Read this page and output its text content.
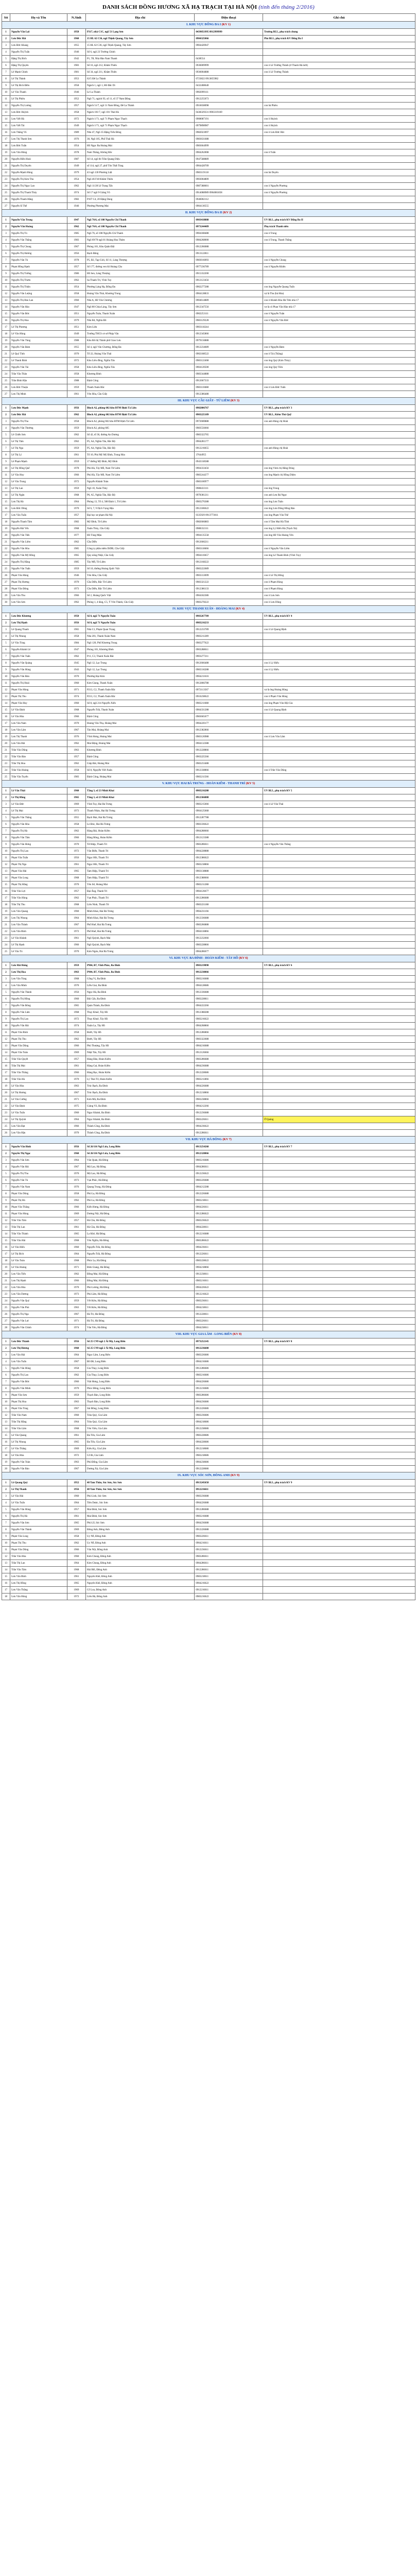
DANH SÁCH ĐỒNG HƯƠNG XÃ HẠ TRẠCH TẠI HÀ NỘI (tính đến tháng 2/2016)
Stt	Họ và Tên	N.Sinh	Địa chỉ	Điện thoại	Ghi chú
I. KHU VỰC ĐỐNG ĐA I (KV 1)					
1	Nguyễn Văn Lợi	1958	P317, nhà C1C, ngõ 51 Lạng Sơn	0439051995 0912999999	Trưởng BLL, phụ trách chung
2	Lưu Đức Hải	1960	15 HL 62 C36, ngõ Thịnh Quang, Tây Sơn	0904325066	Phó BLL, phụ trách KV Đống Đa I
3	Lưu Đức Khang	1955	15 HL 62 C36, ngõ Thịnh Quang, Tây Sơn	0904420947	
4	Nguyễn Thị Tuấn	1946	Số 6, ngõ 23 Trường Chinh		
5	Đặng Thị Bích	1942	P1, T8, Nhà Hào Nam Thanh	0438554	
6	Đặng Thị Quyên	1983	Số 16, ngõ 212, Khâm Thiên	0936009999	con ô Lê Trường Thành (ở Thanh Hà mới)
7	Lê Mạnh Chinh	1981	Số 34, ngõ 211, Khâm Thiên	0936004888	con ô Lê Trường Thành
8	Lê Thị Thành	1953	62/5 Đê La Thành	0723822 0913855982	
9	Lê Thị Bích Điền	1958	Ngách 1, ngõ 1, Hồ Đắc Di	0432408640	
10	Lê Văn Thanh	1946	Lê La Thành	0902099111	
11	Lê Thị Phiêu	1952	Ngõ 71, ngách 93, số 11, tổ 37 Nam Đồng	0912255073	
12	Nguyễn Thị Lương	1957	Ngách 51/7, ngõ 51 Nam Đồng, Đê La Thành	0916038098	con bà Phiêu
13	Lưu Đức Huỳnh	1958	Ngách 101/7, ngõ 101 Thái Hà	0438329331 0903319169	
14	Lưu Viết Hà	1972	Ngách 1/71, ngõ 71 Phạm Ngọc Thạch	0908087191	con ô Huỳnh
15	Lưu Viết Tài	1949	Ngách 1/71, ngõ 71 Phạm Ngọc Thạch	0979898987	con ô Huỳnh
16	Lưu Thắng Vũ	1989	Nhà 47, Ngõ 35 Đặng Tiến Đông	0982023097	con ô Lưu Đức Hải
17	Lưu Thị Thanh Sơn	1976	38, Ngõ 105, Phố Thái Hà	0983631688	
18	Lưu Đức Tuấn	1954	Hồ Ngọc Ba Hoàng Mai	0983664999	
19	Lưu Văn Hùng	1978	Nam Thăng, Không Bắc	0904262008	con ô Tuấn
20	Nguyễn Hiền Hoài	1987	Số 14, ngõ 84 Trần Quang Diệu	0947588889	
21	Nguyễn Thị Duyên	1949	số 114, ngõ 27, phố Tôn Thất Tùng	0904428709	
22	Nguyễn Mạnh Hùng	1979	43 ngõ 130 Phương Liệt	0983119118	con bà Duyên
23	Nguyễn Thị Kim Thu	1954	Ngõ 46 F18 Khâm Thiên	0903004809	
24	Nguyễn Thị Ngọc Lan	1962	Ngõ 11/28 Lê Trọng Tấn	0987388601	con ô Nguyễn Phương
25	Nguyễn Thị Thanh Thủy	1974	Số 17 ngõ 9 Giảng Võ	0914088989 0904081858	con ô Nguyễn Phương
26	Nguyễn Thanh Hằng	1982	P107 C4, 20 Đặng Dung	0946002112	
27	Nguyễn Sĩ Thể	1946	Phường Phương Mai	0904130555	
II. KHU VỰC ĐỐNG ĐA II (KV 2)					
1	Nguyễn Văn Trung	1947	Ngõ 76/6, số 108 Nguyễn Chí Thanh	0903418888	UV BLL, phụ trách KV Đống Đa II
2	Nguyễn Văn Hoàng	1962	Ngõ 76/6, số 108 Nguyễn Chí Thanh	0973244489	Phụ trách Thanh niên
3	Nguyễn Thị Tú	1985	Ngõ 76, số 108 Nguyễn Chí Thanh	0904188488	con ô Trung
4	Nguyễn Văn Thắng	1983	Ngõ 69/70 ngõ 81 Hoàng Hoa Thám	0984268000	con ô Trung, Thanh Thắng
5	Nguyễn Thị Chung	1967	Phòng 101, Khu Quân Đội	0912266088	
6	Nguyễn Thị Hương	1956	Bạch Đằng	0913122811	
7	Nguyễn Văn Tú	1978	P5, B2, Tạp Giỏi, Số 11, Láng Thượng	0983016093	con ô Nguyễn Chung
8	Phạm Hồng Hạnh	1957	Số 177, đường ven hồ Hoàng Cầu	0977236789	con ô Nguyễn Khiên
9	Nguyễn Thị Tường	1986	Hồ Sen, Láng Thượng	0915332200	
10	Nguyễn Thị Thơm	1962	Sa Thanh Trì, Vĩnh Tuy	0912123456	
11	Nguyễn Thị Thiện	1954	Phường Láng Hạ, Đống Đa	0902277288	con ông Nguyễn Quang Tuấn
12	Nguyễn Văn Lượng	1958	Hoàng Văn Thái, Khương Trung	0904128833	vợ là Thu (bà Hòa)
13	Nguyễn Thị Bảo Lan	1960	Nhà A, Hồ Văn Chương	0904614889	con ô Khánh Hòa Hà Tiên nhà 17
14	Nguyễn Văn Hào	1947	Ngõ 80 Chùa Láng, Tây Sơn	0912347556	vợ là cô Phan Văn Hào nhà 17
15	Nguyễn Văn Đức	1951	Nguyễn Tuân, Thanh Xuân	0902253111	con ô Nguyễn Tuân
16	Nguyễn Thị Hoa	1979	Nhà B4, Nghĩa Đô	0983129228	con ô Nguyễn Văn Đức
17	Lê Thị Phương	1951	Kim Liên	0903118244	
18	Lê Văn Hùng	1949	Trường THCS cơ sở Pháp Vân	0912345866	
19	Nguyễn Văn Tùng	1988	Khu Đô thị Thành phố Giao Lưu	0979156888	
20	Nguyễn Văn Đàm	1955	Số 4, ngõ Vân Chương, Đống Đa	0912234689	con ô Nguyễn Đàm
21	Lê Quý Tính	1970	Tổ 22, Hoàng Văn Thái	0902188522	con ô Tài (Thắng)
22	Lê Thanh Bình	1972	Khu Liên đồng, Nghĩa Tân	0983122468	con ông Quý (Kim Thủy)
23	Nguyễn Văn Tài	1958	Khu Liên đồng, Nghĩa Tân	0904120500	con ông Quý Tiên
24	Trần Văn Thân	1958	Khương Đình	0983344888	
25	Trần Đình Hậu	1988	Định Công	0912667333	
26	Lưu Đức Thuận	1959	Thanh Xuân Bắc	0983116688	con ô Lưu Đức Tuấn
27	Lưu Thị Minh	1961	Yên Hòa, Cầu Giấy	0912386488	
III. KHU VỰC CẦU GIẤY - TỪ LIÊM (KV 3)					
1	Lưu Đức Mạnh	1956	Block A2, phòng 602 khu BTM Định Tả Liên	0982806767	UV BLL, phụ trách KV 3
2	Lưu Đức Hải	1962	Block A2, phòng 602 khu BTM Định Tả Liên	0903225189	UV BLL, Kiêm Thủ Quỹ
3	Nguyễn Thị Thu	1958	Block A2, phòng 602 khu BTM Định Tả Liên	0972600888	con anh Hùng chị Hoài
4	Nguyễn Văn Thường	1959	Block A2, phòng 605	0983556666	
5	Lê Chiến Sơn	1962	Số 42, tổ 36, đường An Dương	0983322765	
6	Lê Thị Tâm	1962	P5, A4, Nghĩa Tân, Bắc Độ	0904281177	
7	Lê Thị Nga	1959	P5, A4, Nghĩa Tân, Bắc Độ	0912216655	con anh Hùng chị Hoài
8	Lê Thị Lý	1961	Tổ 10, Phú Mỹ Mỹ Đình, Trung Hòa	37644955	
9	Lê Phạm Mạnh	1959	17 đường Mỹ Đình, Mỹ Đình	0943318588	
10	Lê Thị Hồng Quế	1978	Phú Hà, Tây Mỗ, Nam Từ Liêm	0904333456	con ông Vinh chị Hằng Dòng
11	Lê Văn Huy	1966	Phú Hà, Tây Mỗ, Nam Từ Liêm	0983244277	con ông Mạnh chị Hồng Diệm
12	Lê Văn Trung	1972	Nguyễn Khánh Toàn	0983100977	
13	Lê Thị Lan	1959	Ngõ 10, Xuân Thủy	0988433111	con ông Trung
14	Lê Thị Ngân	1968	P6, A5, Nghĩa Tân, Bắc Độ	0978381211	con anh Lưu Bá Ngọc
15	Lưu Thị Hà	1964	Phòng 13, Tổ 4, 508 Định 1, Từ Liêm	0983276388	con ông Lưu Tuân
16	Lưu Đức Dũng	1970	Số 6, 7, 9 Dịch Vọng Hậu	0912186622	con ông Lưu Dũng Hồng Bảo
17	Lưu Văn Tuấn	1957	Đại học sư phạm Hà Nội	0335929 0913773011	con ông Phạm Văn Thế
18	Nguyễn Thanh Tâm	1982	Mỹ Đình, Từ Liêm	0982666883	con ô Tâm Mai Hà Tĩnh
19	Nguyễn Hải Yến	1968	Xuân Thủy, Cầu Giấy	0988332111	con ông Lý Hiến Hà (Trạch Xá)
20	Nguyễn Văn Tiến	1977	Hồ Tùng Mậu	0904135558	con ông Hồ Văn Hoàng Yên
21	Nguyễn Văn Liêm	1962	Cầu Diễn	0912666211	
22	Nguyễn Văn Hòa	1985	Công ty phần mềm DiDB, Cầu Giấy	0983118666	con ô Nguyễn Văn Liêm
23	Nguyễn Văn Mỹ Hồng	1965	Quy nông Nhật, Cầu Giấy	0904116657	con ông Lê Thanh Bình (Vĩnh Tuy)
24	Nguyễn Thị Hằng	1985	Tây Mỗ, Từ Liêm	0912168222	
25	Nguyễn Văn Tuấn	1959	Số 10, đường Hoàng Quốc Việt	0983222689	
26	Phạm Văn Hùng	1946	Yên Hòa, Cầu Giấy	0903313699	con ô Lê Thị Hồng
27	Phạm Thị Hương	1970	Cầu Diễn, Bắc Từ Liêm	0983321222	con ô Phạm Hùng
28	Phạm Văn Đông	1973	Cầu Diễn, Bắc Từ Liêm	0912386133	con ô Phạm Hùng
29	Lưu Văn Thu	1966	Số 2, Hoàng Quốc Việt	0904182386	con ô Lưu Sơn
30	Lưu Văn Sơn	1962	Phòng 1, 4 tầng, C5, Ý Yên Thành, Cầu Giấy	0983278222	con ô Lưu Dũng
IV. KHU VỰC THANH XUÂN - HOÀNG MAI (KV 4)					
1	Lưu Đức Khương	1950	Số 8, ngõ 71 Nguyễn Tuân	0903267789	UV BLL, phụ trách KV 4
2	Lưu Thị Hạnh	1956	Số 8, ngõ 71 Nguyễn Tuân	0983216233	
3	Lê Quang Thanh	1965	Nhà C1, Phạm Quan Trọng	0912233789	con ô Lê Quang Định
4	Lê Thị Nhung	1958	Nhà 201, Thanh Xuân Nam	0983211289	
5	Lê Văn Tùng	1984	Ngõ 120, Phố Khương Trung	0983277622	
6	Nguyễn Khánh Lê	1947	Phòng 101, Khương Đình	0903288611	
7	Nguyễn Văn Tuấn	1962	P11, C3, Thanh Xuân Bắc	0903277211	
8	Nguyễn Văn Quảng	1945	Ngõ 12, Lạc Trung	0912666488	con ô Lý Hiếu
9	Nguyễn Văn Hùng	1943	Ngõ 12, Lạc Trung	0983316288	con ô Lý Hiếu
10	Nguyễn Văn Đàn	1970	Phường Đại Kim	0904211616	
11	Nguyễn Thị Hoài	1960	Kim Giang, Thanh Xuân	0912866788	
12	Phạm Văn Hùng	1971	P213, C2, Thanh Xuân Bắc	0972113567	vợ là ông Hoàng Hùng
13	Phạm Thị Thu	1974	P213, C2, Thanh Xuân Bắc	0916238622	con ô Phạm Văn Hùng
14	Phạm Văn Huy	1960	Số 8, ngõ 214 Nguyễn Xiển	0983211688	con ông Phạm Vân Hội Gia
15	Lê Văn Định	1968	Nguyễn Trãi, Thanh Xuân	0904331288	con ô Lê Quang Định
16	Lê Văn Hòa	1966	Định Công	0983665677	
17	Lưu Văn Nam	1970	Hoàng Văn Thụ, Hoàng Mai	0904220177	
18	Lưu Văn Lâm	1967	Tân Mai, Hoàng Mai	0912382866	
19	Lưu Thị Thanh	1976	Vĩnh Hưng, Hoàng Mai	0983126988	con ô Lưu Văn Lâm
20	Lưu Văn Hải	1962	Mai Động, Hoàng Mai	0904132388	
21	Trần Văn Dũng	1963	Khương Đình	0912228866	
22	Trần Văn Bảo	1957	Định Công	0903225566	
23	Trần Thị Hoa	1962	Giáp Bát, Hoàng Mai	0983233488	
24	Trần Văn Hoàng	1958	Số 8, Nguyễn Viết Xuân	0912338866	con ô Trần Văn Dũng
25	Trần Văn Tuyển	1983	Định Công, Hoàng Mai	0983211566	
V. KHU VỰC HAI BÀ TRƯNG - HOÀN KIẾM - THANH TRÌ (KV 5)					
1	Lê Văn Thái	1960	Tầng 3, số 23 Minh Khai	0903216288	UV BLL, phụ trách KV 5
2	Lê Thị Hồng	1965	Tầng 3, số 23 Minh Khai	0912366888	
3	Lê Văn Đức	1969	Vĩnh Tuy, Hai Bà Trưng	0983215666	con ô Lê Văn Thái
4	Lê Thị Mai	1973	Thanh Nhàn, Hai Bà Trưng	0904125668	
5	Nguyễn Văn Thắng	1955	Bạch Mai, Hai Bà Trưng	0912287788	
6	Nguyễn Văn Hòa	1958	Lò Đúc, Hai Bà Trưng	0983336622	
7	Nguyễn Thị Hà	1962	Hàng Bài, Hoàn Kiếm	0904288666	
8	Nguyễn Văn Tâm	1966	Hàng Bông, Hoàn Kiếm	0912123388	
9	Nguyễn Văn Hưng	1970	Tứ Hiệp, Thanh Trì	0983286611	con ô Nguyễn Văn Thắng
10	Nguyễn Thị Lan	1972	Văn Điển, Thanh Trì	0904228888	
11	Phạm Văn Tuấn	1956	Ngọc Hồi, Thanh Trì	0912386622	
12	Phạm Thị Nga	1961	Ngọc Hồi, Thanh Trì	0983218866	
13	Phạm Văn Hải	1965	Tam Hiệp, Thanh Trì	0903138888	
14	Phạm Văn Long	1968	Tam Hiệp, Thanh Trì	0912388666	
15	Phạm Thị Hằng	1970	Yên Sở, Hoàng Mai	0983211288	
16	Trần Văn Lợi	1957	Đại Áng, Thanh Trì	0904126677	
17	Trần Văn Hùng	1962	Vạn Phúc, Thanh Trì	0912286688	
18	Trần Thị Thu	1968	Liên Ninh, Thanh Trì	0983221188	
19	Lưu Văn Quang	1960	Minh Khai, Hai Bà Trưng	0904231166	
20	Lưu Thị Nhung	1964	Minh Khai, Hai Bà Trưng	0912336688	
21	Lưu Văn Thành	1967	Phố Huế, Hai Bà Trưng	0983266888	
22	Lưu Văn Bình	1972	Phố Huế, Hai Bà Trưng	0904118866	
23	Lê Văn Khánh	1961	Ngõ Quỳnh, Bạch Mai	0912232666	
24	Lê Thị Hạnh	1966	Ngõ Quỳnh, Bạch Mai	0983228866	
25	Lê Văn Tú	1970	Kim Ngưu, Hai Bà Trưng	0904286677	
VI. KHU VỰC BA ĐÌNH - HOÀN KIẾM - TÂY HỒ (KV 6)					
1	Lưu Hải Hưng	1959	P904, B7, Vĩnh Phúc, Ba Đình	0903219898	UV BLL, phụ trách KV 6
2	Lưu Thị Hoa	1963	P904, B7, Vĩnh Phúc, Ba Đình	0912238866	
3	Lưu Văn Tùng	1968	Cống Vị, Ba Đình	0983216688	
4	Lưu Văn Minh	1970	Liễu Giai, Ba Đình	0904128686	
5	Nguyễn Văn Thành	1956	Ngọc Hà, Ba Đình	0912336688	
6	Nguyễn Thị Hồng	1960	Đội Cấn, Ba Đình	0983228811	
7	Nguyễn Văn Đông	1965	Quán Thánh, Ba Đình	0904222266	
8	Nguyễn Văn Lâm	1968	Thụy Khuê, Tây Hồ	0912388288	
9	Nguyễn Thị Lan	1972	Thụy Khuê, Tây Hồ	0983216622	
10	Nguyễn Văn Hải	1974	Xuân La, Tây Hồ	0904268866	
11	Phạm Văn Bình	1958	Bưởi, Tây Hồ	0912286866	
12	Phạm Thị Thu	1962	Bưởi, Tây Hồ	0983322688	
13	Phạm Văn Dũng	1966	Phú Thượng, Tây Hồ	0904216688	
14	Phạm Văn Toàn	1969	Nhật Tân, Tây Hồ	0912126666	
15	Trần Văn Quyết	1957	Hàng Đào, Hoàn Kiếm	0983286688	
16	Trần Thị Mai	1961	Hàng Gai, Hoàn Kiếm	0904236688	
17	Trần Văn Thắng	1966	Hàng Bạc, Hoàn Kiếm	0912228686	
18	Trần Văn Hà	1970	Lý Thái Tổ, Hoàn Kiếm	0983211866	
19	Lê Văn Hòa	1963	Trúc Bạch, Ba Đình	0904226688	
20	Lê Thị Hương	1967	Trúc Bạch, Ba Đình	0912218866	
21	Lê Văn Cường	1971	Kim Mã, Ba Đình	0983238866	
22	Lê Văn Định	1975	Giảng Võ, Ba Đình	0904212266	
23	Lê Văn Tuấn	1960	Ngọc Khánh, Ba Đình	0912236688	
24	Lê Thị Quỳnh	1964	Ngọc Khánh, Ba Đình	0983226611	Ở Quảng
25	Lưu Văn Đạt	1966	Thành Công, Ba Đình	0904236622	
26	Lưu Văn Hậu	1970	Thành Công, Ba Đình	0912286611	
VII. KHU VỰC HÀ ĐÔNG (KV 7)					
1	Nguyễn Văn Bình	1956	Số 26/116 Ngõ Lửa, Long Biên	0913254268	UV BLL, phụ trách KV 7
2	Nguyễn Thị Ngọc	1960	Số 26/116 Ngõ Lửa, Long Biên	0912328866	
3	Nguyễn Văn Sơn	1964	Văn Quán, Hà Đông	0983216686	
4	Nguyễn Văn Hải	1967	Mộ Lao, Hà Đông	0904286611	
5	Nguyễn Thị Thu	1970	Mộ Lao, Hà Đông	0912236622	
6	Nguyễn Văn Tú	1973	Vạn Phúc, Hà Đông	0983226688	
7	Nguyễn Văn Nam	1976	Quang Trung, Hà Đông	0904212288	
8	Phạm Văn Dũng	1958	Phú La, Hà Đông	0912226688	
9	Phạm Thị Hà	1962	Phú La, Hà Đông	0983218611	
10	Phạm Văn Thắng	1966	Kiến Hưng, Hà Đông	0904226611	
11	Phạm Văn Hùng	1969	Dương Nội, Hà Đông	0912286622	
12	Trần Văn Tâm	1957	Hà Cầu, Hà Đông	0983236622	
13	Trần Thị Lan	1961	Hà Cầu, Hà Đông	0904228611	
14	Trần Văn Thành	1965	La Khê, Hà Đông	0912216688	
15	Trần Văn Hải	1968	Yên Nghĩa, Hà Đông	0983286622	
16	Lê Văn Hiếu	1960	Nguyễn Trãi, Hà Đông	0904236611	
17	Lê Thị Bích	1964	Nguyễn Trãi, Hà Đông	0912226611	
18	Lê Văn Toàn	1968	Phúc La, Hà Đông	0983228622	
19	Lê Văn Hoàng	1971	Biên Giang, Hà Đông	0904218866	
20	Lưu Văn Tiến	1962	Đồng Mai, Hà Đông	0912238611	
21	Lưu Thị Hạnh	1966	Đồng Mai, Hà Đông	0983216611	
22	Lưu Văn Hòa	1970	Phú Lương, Hà Đông	0904226622	
23	Lưu Văn Dương	1973	Phú Lãm, Hà Đông	0912216622	
24	Nguyễn Văn Quý	1959	Yết Kiêu, Hà Đông	0983236611	
25	Nguyễn Văn Phú	1963	Yết Kiêu, Hà Đông	0904218611	
26	Nguyễn Thị Nga	1967	Hà Trì, Hà Đông	0912228611	
27	Nguyễn Văn Lợi	1971	Hà Trì, Hà Đông	0983226611	
28	Nguyễn Văn Chính	1974	Văn Yên, Hà Đông	0904238611	
VIII. KHU VỰC GIA LÂM - LONG BIÊN (KV 8)					
1	Lưu Đức Thành	1956	Số 25 CN9 ngõ 2 Ái Mộ, Long Biên	0973252145	UV BLL, phụ trách KV 8
2	Lưu Thị Hương	1960	Số 25 CN9 ngõ 2 Ái Mộ, Long Biên	0912236688	
3	Lưu Văn Hải	1964	Ngọc Lâm, Long Biên	0983226686	
4	Lưu Văn Tuấn	1967	Bồ Đề, Long Biên	0904216686	
5	Nguyễn Văn Hùng	1958	Gia Thụy, Long Biên	0912286686	
6	Nguyễn Thị Lan	1962	Gia Thụy, Long Biên	0983216686	
7	Nguyễn Văn Đức	1966	Việt Hưng, Long Biên	0904226686	
8	Nguyễn Văn Minh	1970	Phúc Đồng, Long Biên	0912216686	
9	Phạm Văn Sơn	1959	Thạch Bàn, Long Biên	0983286686	
10	Phạm Thị Hoa	1963	Thạch Bàn, Long Biên	0904236686	
11	Phạm Văn Tùng	1967	Sài Đồng, Long Biên	0912226686	
12	Trần Văn Nam	1960	Trâu Quỳ, Gia Lâm	0983236686	
13	Trần Thị Hằng	1964	Trâu Quỳ, Gia Lâm	0904218686	
14	Trần Văn Lâm	1968	Yên Viên, Gia Lâm	0912238686	
15	Lê Văn Quang	1961	Đa Tốn, Gia Lâm	0983228686	
16	Lê Thị Nhung	1965	Đa Tốn, Gia Lâm	0904228686	
17	Lê Văn Thắng	1969	Kiêu Kỵ, Gia Lâm	0912218686	
18	Lê Văn Hòa	1972	Cổ Bi, Gia Lâm	0983218686	
19	Nguyễn Văn Toàn	1963	Phù Đổng, Gia Lâm	0904238686	
20	Nguyễn Văn Bảo	1967	Dương Xá, Gia Lâm	0912228686	
IX. KHU VỰC SÓC SƠN, ĐÔNG ANH (KV 9)					
1	Lê Quang Quý	1952	48 Tam Thôn, Sóc Sơn, Sóc Sơn	0913245658	UV BLL, phụ trách KV 9
2	Lê Thị Thanh	1956	48 Tam Thôn, Sóc Sơn, Sóc Sơn	0912216611	
3	Lê Văn Hải	1960	Phù Linh, Sóc Sơn	0983236688	
4	Lê Văn Tuấn	1964	Tiên Dược, Sóc Sơn	0904226688	
5	Nguyễn Văn Hùng	1957	Mai Đình, Sóc Sơn	0912286688	
6	Nguyễn Thị Hà	1961	Mai Đình, Sóc Sơn	0983216688	
7	Nguyễn Văn Sơn	1965	Phù Lỗ, Sóc Sơn	0904236688	
8	Nguyễn Văn Thành	1969	Đông Anh, Đông Anh	0912226688	
9	Phạm Văn Long	1958	Uy Nỗ, Đông Anh	0983226611	
10	Phạm Thị Thu	1962	Uy Nỗ, Đông Anh	0904216611	
11	Phạm Văn Dũng	1966	Vân Nội, Đông Anh	0912236611	
12	Trần Văn Hòa	1960	Kim Chung, Đông Anh	0983286611	
13	Trần Thị Lan	1964	Kim Chung, Đông Anh	0904286611	
14	Trần Văn Tâm	1968	Hải Bối, Đông Anh	0912286611	
15	Lưu Văn Bình	1961	Nguyên Khê, Đông Anh	0983218611	
16	Lưu Thị Hồng	1965	Nguyên Khê, Đông Anh	0904216622	
17	Lưu Văn Thắng	1969	Cổ Loa, Đông Anh	0912216611	
18	Lưu Văn Hùng	1972	Liên Hà, Đông Anh	0983216622	
